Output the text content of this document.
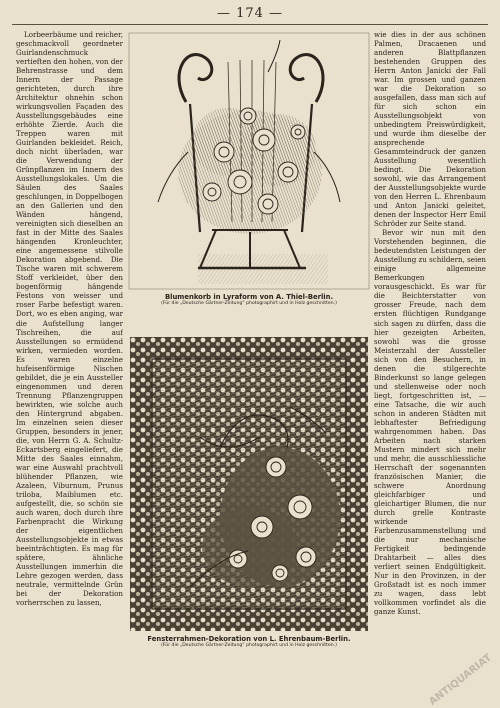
— 174 —

Lorbeerbäume und reicher, geschmackvoll geordneter Guirlandenschmuck vertieften den hohen, von der Behrenstrasse und dem Innern der Passage gerichteten, durch ihre Architektur ohnehin schon wirkungsvollen Façaden des Ausstellungsgebäudes eine erhöhte Zierde. Auch die Treppen waren mit Guirlanden bekleidet. Reich, doch nicht überladen, war die Verwendung der Grünpflanzen im Innern des Ausstellungslokales. Um die Säulen des Saales geschlungen, in Doppelbogen an den Gallerien und den Wänden hängend, vereinigten sich dieselben an fast in der Mitte des Saales hängenden Kronleuchter, eine angemessene stilvolle Dekoration abgebend. Die Tische waren mit schwerem Stoff verkleidet, über den bogenförmig hängende Festons von weisser und roser Farbe befestigt waren. Dort, wo es eben anging, war die Aufstellung langer Tischreihen, die auf Ausstellungen so ermüdend wirken, vermieden worden. Es waren einzelne hufeisenförmige Nischen gebildet, die je ein Aussteller eingenommen und deren Trennung Pflanzengruppen bewirkten, wie solche auch den Hintergrund abgaben. Im einzelnen seien dieser Gruppen, besonders in jener, die, von Herrn G. A. Schultz-Eckartsberg eingeliefert, die Mitte des Saales einnahm, war eine Auswahl prachtvoll blühender Pflanzen, wie Azaleen, Viburnum, Prunus triloba, Maiblumen etc. aufgestellt, die, so schön sie auch waren, doch durch ihre Farbenpracht die Wirkung der eigentlichen Ausstellungsobjekte in etwas beeinträchtigten. Es mag für spätere, ähnliche Ausstellungen immerhin die Lehre gezogen werden, dass neutrale, vermittelnde Grün bei der Dekoration vorherrschen zu lassen,

Blumenkorb in Lyraform von A. Thiel-Berlin.
(Für die „Deutsche Gärtner-Zeitung“ photographirt und in Holz geschnitten.)
Fensterrahmen-Dekoration von L. Ehrenbaum-Berlin.
(Für die „Deutsche Gärtner-Zeitung“ photographirt und in Holz geschnitten.)

wie dies in der aus schönen Palmen, Dracaenen und anderen Blattpflanzen bestehenden Gruppen des Herrn Anton Janicki der Fall war. Im grossen und ganzen war die Dekoration so ausgefallen, dass man sich auf für sich schon ein Ausstellungsobjekt von unbedingtem Preiswürdigkeit, und wurde ihm dieselbe der ansprechende Gesammteindruck der ganzen Ausstellung wesentlich bedingt. Die Dekoration sowohl, wie das Arrangement der Ausstellungsobjekte wurde von den Herren L. Ehrenbaum und Anton Janicki geleitet, denen der Inspector Herr Emil Schröder zur Seite stand.

Bevor wir nun mit den Vorstehenden beginnen, die bedeutendsten Leistungen der Ausstellung zu schildern, seien einige allgemeine Bemerkungen vorausgeschickt. Es war für die Beichterstatter von grosser Freude, nach dem ersten flüchtigen Rundgange sich sagen zu dürfen, dass die hier gezeigten Arbeiten, sowohl was die grosse Meisterzahl der Aussteller sich von den Besuchern, in denen die stilgerechte Binderkunst so lange gelegen und stellenweise oder noch liegt, fortgeschritten ist, — eine Tatsache, die wir auch schon in anderen Städten mit lebhaftester Befriedigung wahrgenommen haben. Das Arbeiten nach starken Mustern mindert sich mehr und mehr, die ausschliessliche Herrschaft der sogenannten französischen Manier, die schwere Anordnung gleichfarbiger und gleichartiger Blumen, die nur durch grelle Kontraste wirkende Farbenzusammenstellung und die nur mechanische Fertigkeit bedingende Drahtarbeit — alles dies verliert seinen Endgültigkeit. Nur in den Provinzen, in der Großstadt ist es noch immer zu wagen, dass lebt vollkommen vorfindet als die ganze Kunst.

ANTIQUARIAT
